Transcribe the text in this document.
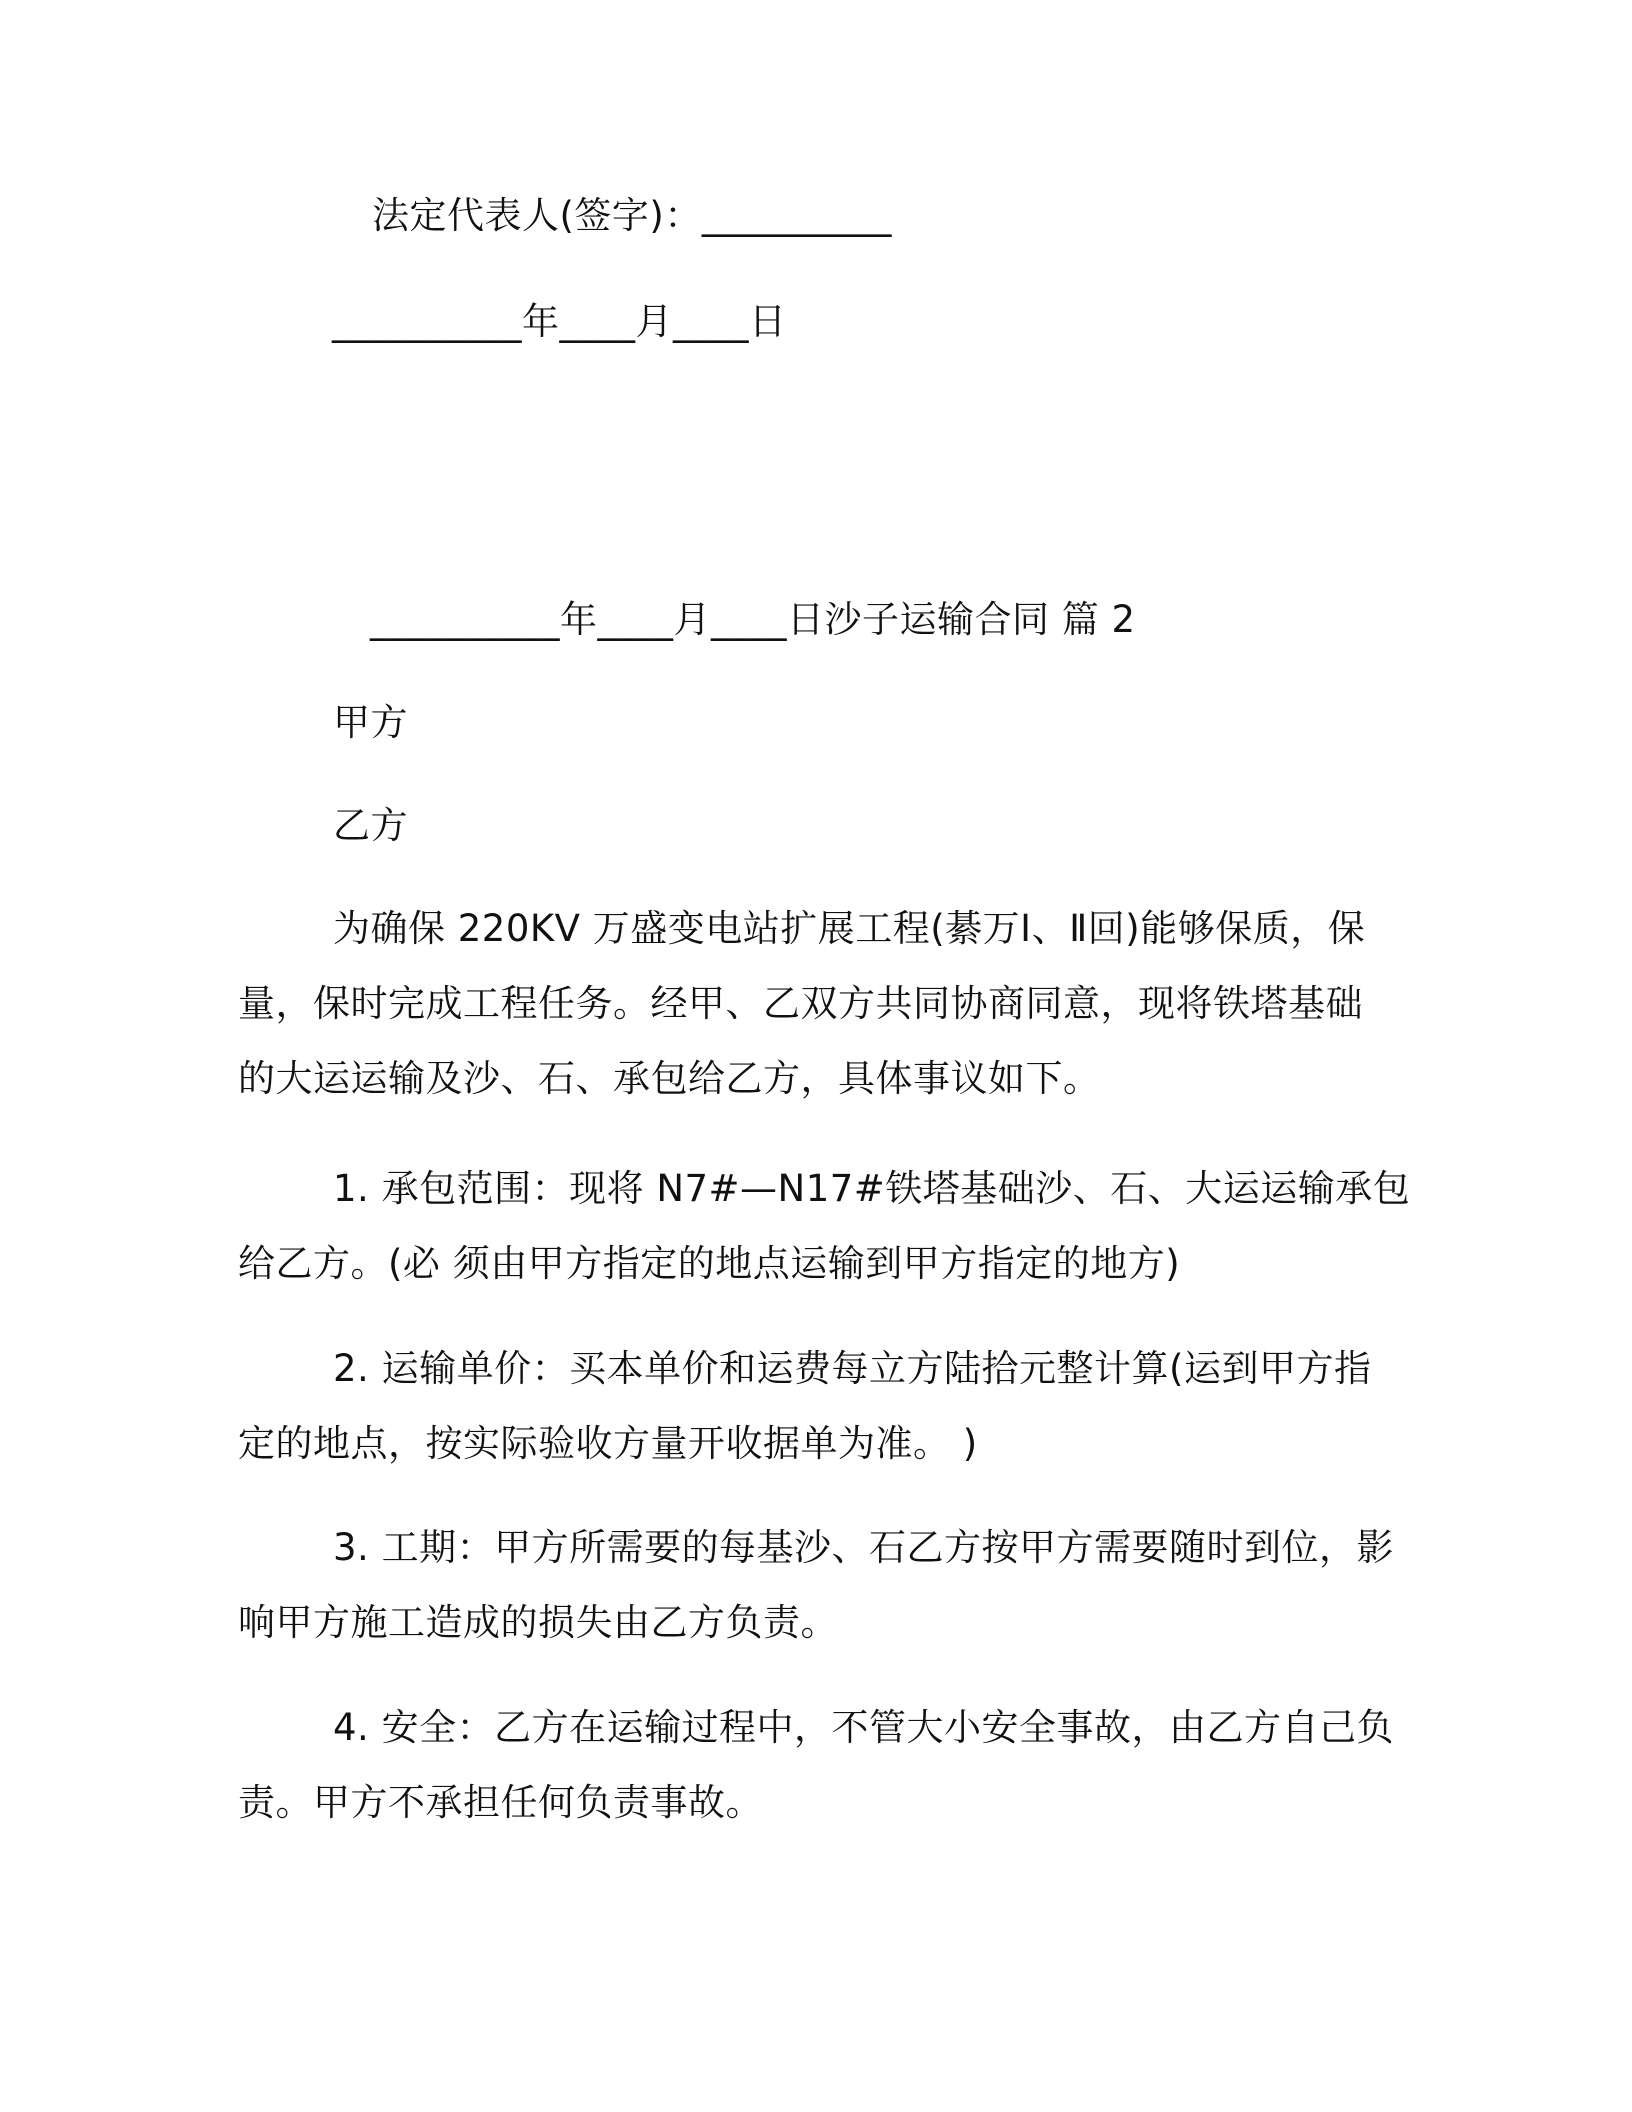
法定代表人(签字)：__________
__________年____月____日
__________年____月____日沙子运输合同 篇 2
甲方
乙方
为确保 220KV 万盛变电站扩展工程(綦万Ⅰ、Ⅱ回)能够保质，保
量，保时完成工程任务。经甲、乙双方共同协商同意，现将铁塔基础
的大运运输及沙、石、承包给乙方，具体事议如下。
1. 承包范围：现将 N7#—N17#铁塔基础沙、石、大运运输承包
给乙方。(必 须由甲方指定的地点运输到甲方指定的地方)
2. 运输单价：买本单价和运费每立方陆拾元整计算(运到甲方指
定的地点，按实际验收方量开收据单为准。 )
3. 工期：甲方所需要的每基沙、石乙方按甲方需要随时到位，影
响甲方施工造成的损失由乙方负责。
4. 安全：乙方在运输过程中，不管大小安全事故，由乙方自己负
责。甲方不承担任何负责事故。
